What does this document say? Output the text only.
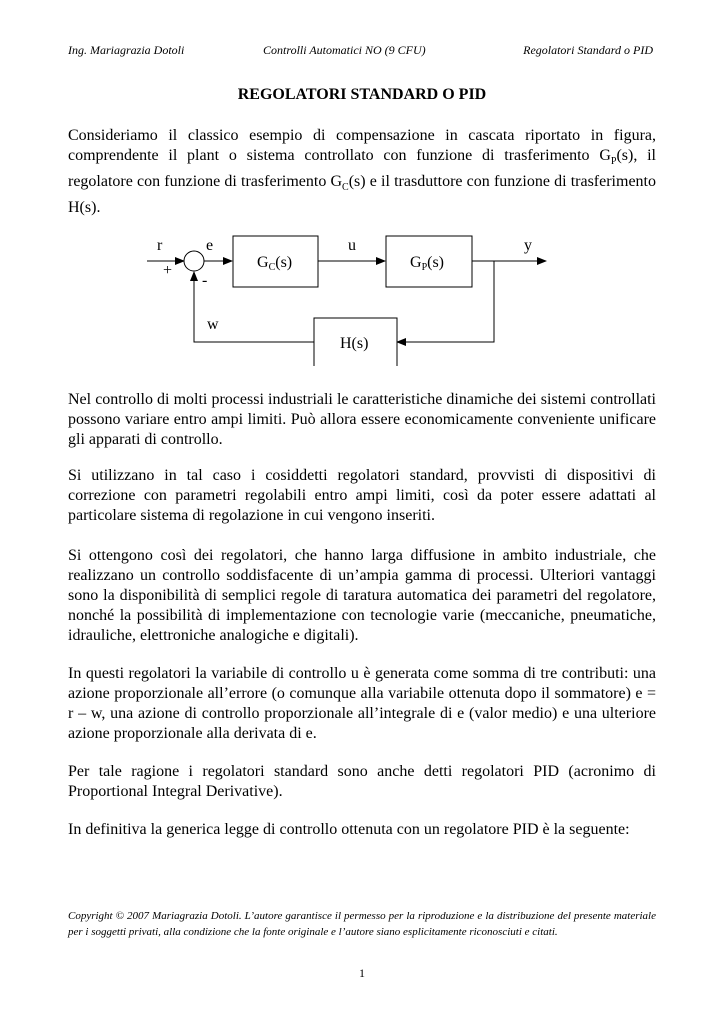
Ing. Mariagrazia Dotoli	Controlli Automatici NO (9 CFU)	Regolatori Standard o PID
REGOLATORI STANDARD O PID
Consideriamo il classico esempio di compensazione in cascata riportato in figura, comprendente il plant o sistema controllato con funzione di trasferimento $G_P(s)$, il regolatore con funzione di trasferimento $G_C(s)$ e il trasduttore con funzione di trasferimento H(s).
r	e	u	y
+
-
w
GC(s)	GP(s)
H(s)
Nel controllo di molti processi industriali le caratteristiche dinamiche dei sistemi controllati possono variare entro ampi limiti. Può allora essere economicamente conveniente unificare gli apparati di controllo.
Si utilizzano in tal caso i cosiddetti regolatori standard, provvisti di dispositivi di correzione con parametri regolabili entro ampi limiti, così da poter essere adattati al particolare sistema di regolazione in cui vengono inseriti.
Si ottengono così dei regolatori, che hanno larga diffusione in ambito industriale, che realizzano un controllo soddisfacente di un’ampia gamma di processi. Ulteriori vantaggi sono la disponibilità di semplici regole di taratura automatica dei parametri del regolatore, nonché la possibilità di implementazione con tecnologie varie (meccaniche, pneumatiche, idrauliche, elettroniche analogiche e digitali).
In questi regolatori la variabile di controllo u è generata come somma di tre contributi: una azione proporzionale all’errore (o comunque alla variabile ottenuta dopo il sommatore) e = r – w, una azione di controllo proporzionale all’integrale di e (valor medio) e una ulteriore azione proporzionale alla derivata di e.
Per tale ragione i regolatori standard sono anche detti regolatori PID (acronimo di Proportional Integral Derivative).
In definitiva la generica legge di controllo ottenuta con un regolatore PID è la seguente:
Copyright © 2007 Mariagrazia Dotoli. L’autore garantisce il permesso per la riproduzione e la distribuzione del presente materiale per i soggetti privati, alla condizione che la fonte originale e l’autore siano esplicitamente riconosciuti e citati.
1
